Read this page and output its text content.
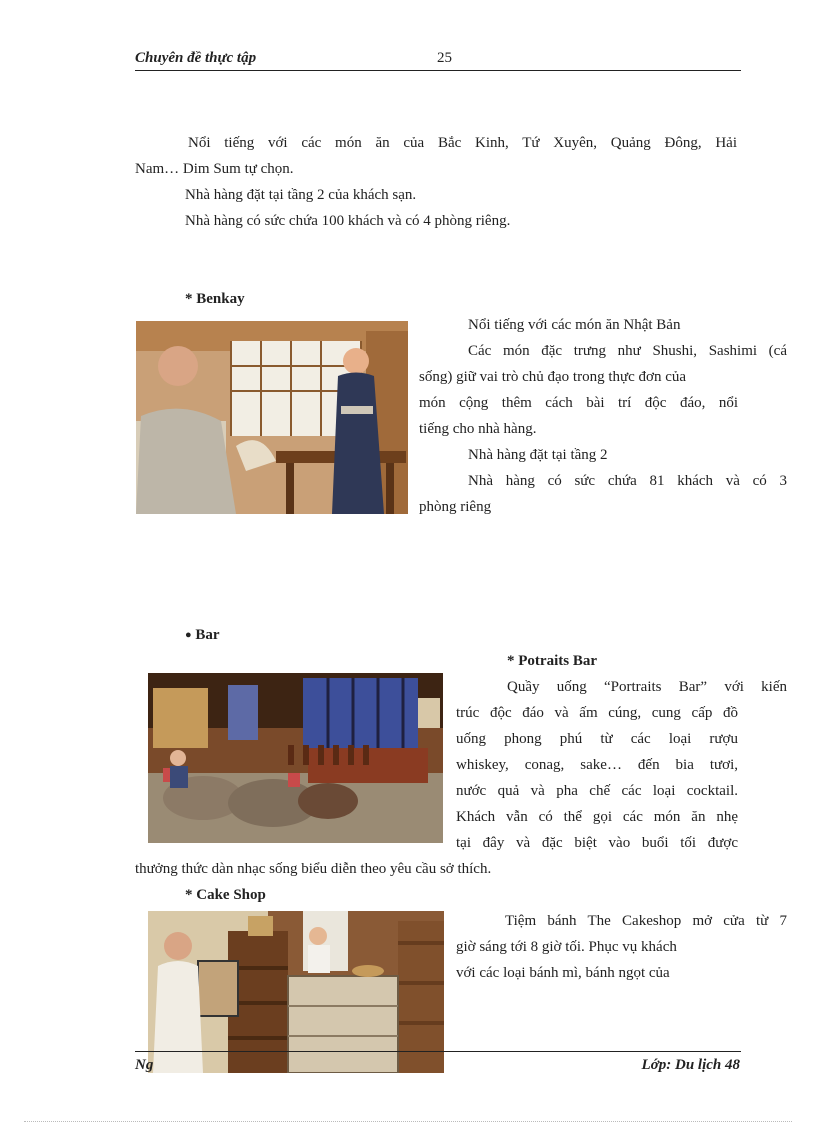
Chuyên đề thực tập	25
Nổi tiếng với các món ăn của Bắc Kinh, Tứ Xuyên, Quảng Đông, Hải
Nam… Dim Sum tự chọn.
Nhà hàng đặt tại tầng 2 của khách sạn.
Nhà hàng có sức chứa 100 khách và có 4 phòng riêng.
* Benkay
Nổi tiếng với các món ăn Nhật Bản
Các món đặc trưng như Shushi, Sashimi (cá
sống) giữ vai trò chủ đạo trong thực đơn của
món cộng thêm cách bài trí độc đáo, nổi
tiếng cho nhà hàng.
Nhà hàng đặt tại tầng 2
Nhà hàng có sức chứa 81 khách và có 3
phòng riêng
● Bar
* Potraits Bar
Quầy uống “Portraits Bar” với kiến
trúc độc đáo và ấm cúng, cung cấp đồ
uống phong phú từ các loại rượu
whiskey, conag, sake… đến bia tươi,
nước quả và pha chế các loại cocktail.
Khách vẫn có thể gọi các món ăn nhẹ
tại đây và đặc biệt vào buổi tối được
thưởng thức dàn nhạc sống biểu diễn theo yêu cầu sở thích.
* Cake Shop
Tiệm bánh The Cakeshop mở cửa từ 7
giờ sáng tới 8 giờ tối. Phục vụ khách
với các loại bánh mì, bánh ngọt của
Ng	Lớp: Du lịch 48
